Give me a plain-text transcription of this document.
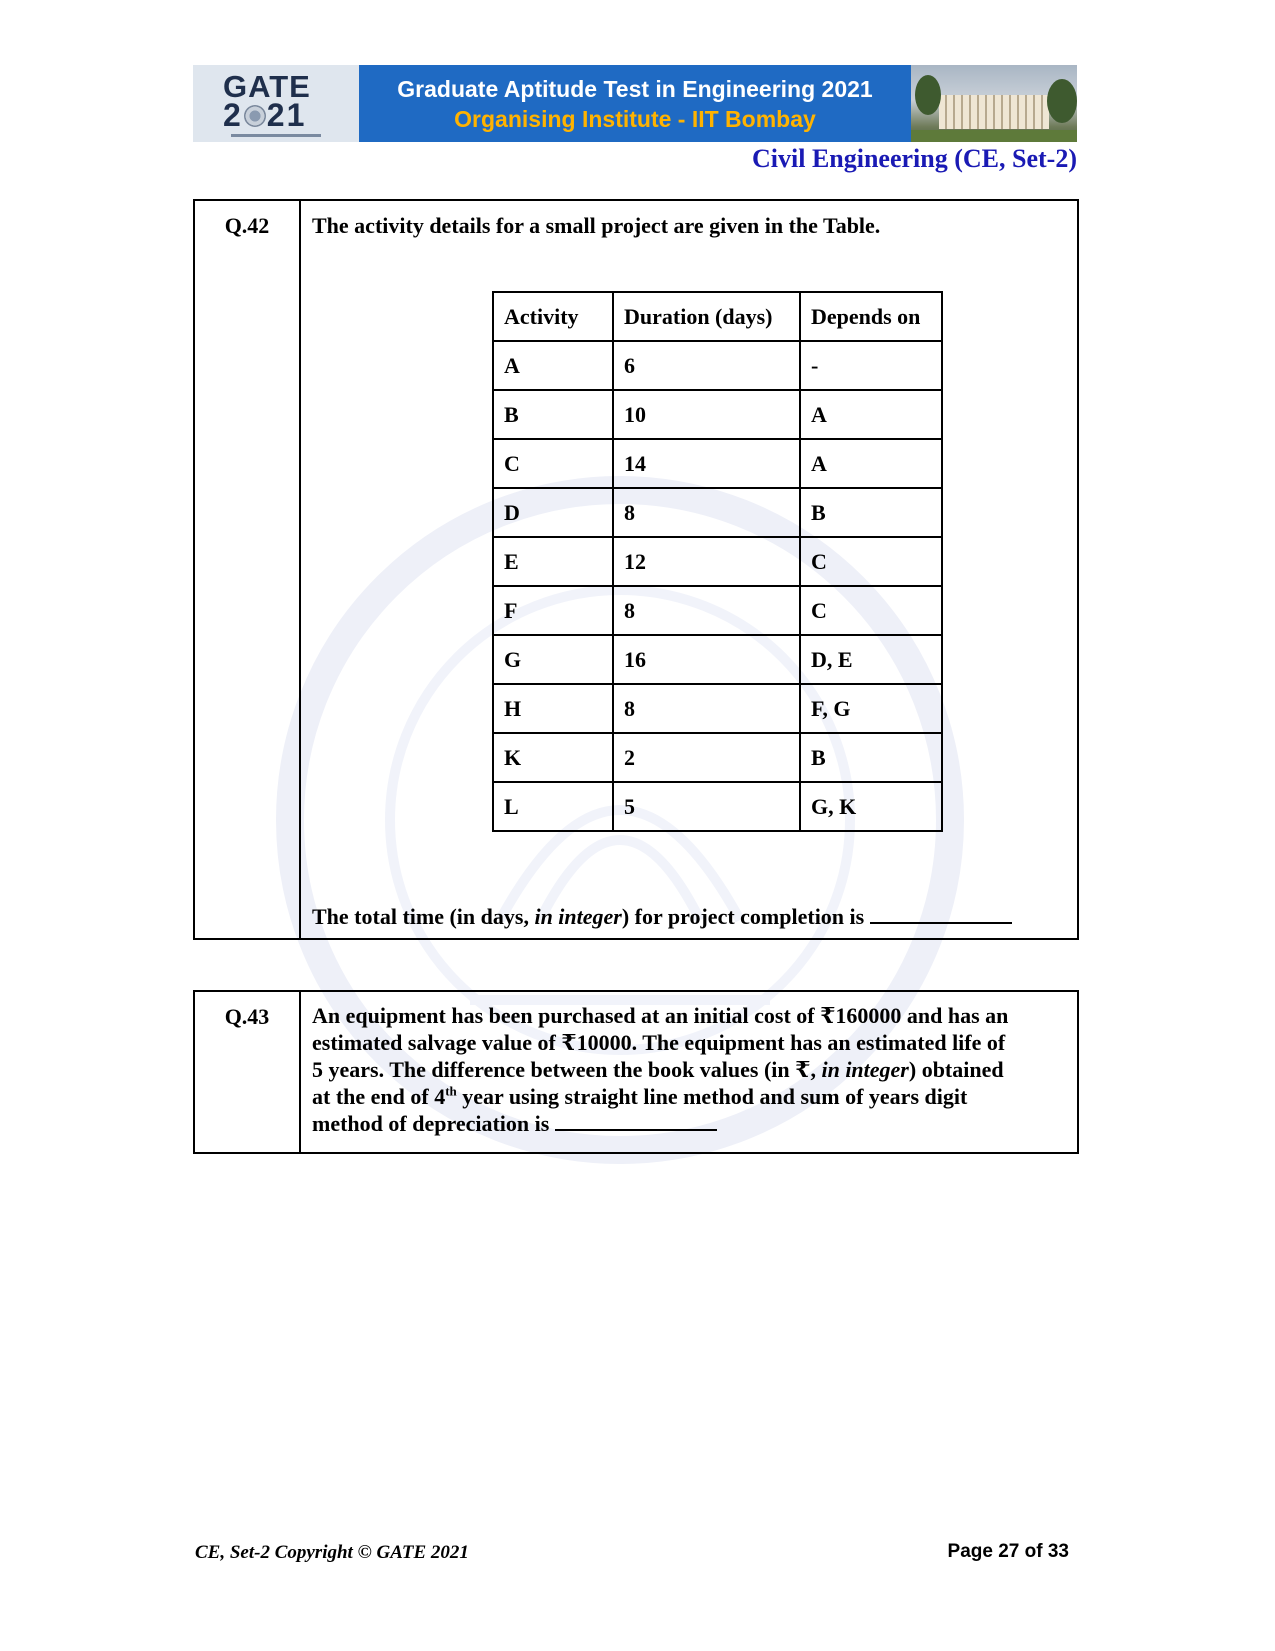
GATE
2 21
Graduate Aptitude Test in Engineering 2021
Organising Institute - IIT Bombay
Civil Engineering (CE, Set-2)
Q.42	The activity details for a small project are given in the Table.
Activity	Duration (days)	Depends on
A	6	-
B	10	A
C	14	A
D	8	B
E	12	C
F	8	C
G	16	D, E
H	8	F, G
K	2	B
L	5	G, K
The total time (in days, in integer) for project completion is
Q.43	An equipment has been purchased at an initial cost of ₹160000 and has an
estimated salvage value of ₹10000. The equipment has an estimated life of
5 years. The difference between the book values (in ₹, in integer) obtained
at the end of 4th year using straight line method and sum of years digit
method of depreciation is
CE, Set-2 Copyright © GATE 2021	Page 27 of 33
